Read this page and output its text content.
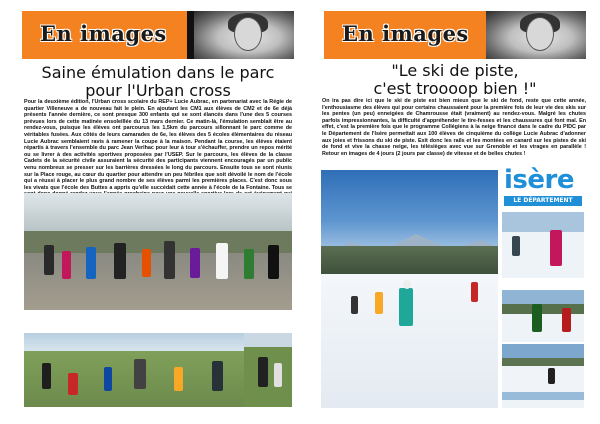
En images
Saine émulation dans le parc
pour l'Urban cross
Pour la deuxième édition, l'Urban cross scolaire du REP+ Lucie Aubrac, en partenariat avec la Régie de quartier Villeneuve a de nouveau fait le plein. En ajoutant les CM1 aux élèves de CM2 et de 6e déjà présents l'année dernière, ce sont presque 300 enfants qui se sont élancés dans l'une des 5 courses prévues lors de cette matinée ensoleillée du 13 mars dernier. Ce matin-là, l'émulation semblait être au rendez-vous, puisque les élèves ont parcourus les 1,5km du parcours sillonnant le parc comme de véritables fusées. Aux côtés de leurs camarades de 6e, les élèves des 5 écoles élémentaires du réseau Lucie Aubrac semblaient ravis à ramener la coupe à la maison. Pendant la course, les élèves étaient répartis à travers l'ensemble du parc Jean Verlhac pour leur à tour s'échauffer, prendre un repos mérité ou se livrer à des activités sportives proposées par l'USEP. Sur le parcours, les élèves de la classe Cadets de la sécurité civile assuraient la sécurité des participants viennent encouragés par un public venu nombreux se presser sur les barrières dressées le long du parcours. Ensuite tous se sont réunis sur la Place rouge, au cœur du quartier pour attendre un peu fébriles que soit dévoilé le nom de l'école qui a réussi à placer le plus grand nombre de ses élèves parmi les premières places. C'est donc sous les vivats que l'école des Buttes a appris qu'elle succédait cette année à l'école de la Fontaine. Tous se
En images
"Le ski de piste,
c'est troooop bien !"
On ira pas dire ici que le ski de piste est bien mieux que le ski de fond, reste que cette année, l'enthousiasme des élèves qui pour certains chaussaient pour la première fois de leur vie des skis sur les pentes (un peu) enneigées de Chamrousse était (vraiment) au rendez-vous. Malgré les chutes parfois impressionnantes, la difficulté d'appréhender le tire-fesses et les chaussures qui font mal. En effet, c'est la première fois que le programme Collégiens à la neige financé dans le cadre du PIDC par le Département de l'Isère permettait aux 100 élèves de cinquième du collège Lucie Aubrac d'adonner aux joies et frissons du ski de piste. Exit donc les rails et les montées en canard sur les pistes de ski de fond et vive la chasse neige, les télésièges avec vue sur Grenoble et les virages en parallèle ! Retour en images de 4 jours (2 jours par classe) de vitesse et de belles chutes !
isère
LE DÉPARTEMENT
